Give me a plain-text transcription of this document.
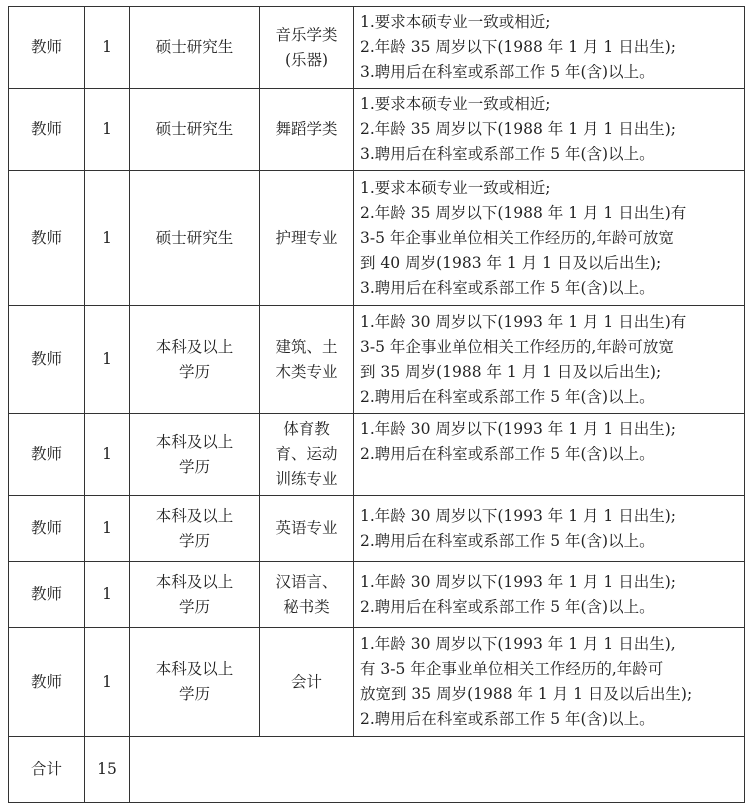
教师	1	硕士研究生	音乐学类
(乐器)	1.要求本硕专业一致或相近;
2.年龄 35 周岁以下(1988 年 1 月 1 日出生);
3.聘用后在科室或系部工作 5 年(含)以上。

教师	1	硕士研究生	舞蹈学类	1.要求本硕专业一致或相近;
2.年龄 35 周岁以下(1988 年 1 月 1 日出生);
3.聘用后在科室或系部工作 5 年(含)以上。

教师	1	硕士研究生	护理专业	1.要求本硕专业一致或相近;
2.年龄 35 周岁以下(1988 年 1 月 1 日出生)有
3-5 年企事业单位相关工作经历的,年龄可放宽
到 40 周岁(1983 年 1 月 1 日及以后出生);
3.聘用后在科室或系部工作 5 年(含)以上。

教师	1	本科及以上
学历	建筑、土
木类专业	1.年龄 30 周岁以下(1993 年 1 月 1 日出生)有
3-5 年企事业单位相关工作经历的,年龄可放宽
到 35 周岁(1988 年 1 月 1 日及以后出生);
2.聘用后在科室或系部工作 5 年(含)以上。

教师	1	本科及以上
学历	体育教
育、运动
训练专业	1.年龄 30 周岁以下(1993 年 1 月 1 日出生);
2.聘用后在科室或系部工作 5 年(含)以上。

教师	1	本科及以上
学历	英语专业	1.年龄 30 周岁以下(1993 年 1 月 1 日出生);
2.聘用后在科室或系部工作 5 年(含)以上。

教师	1	本科及以上
学历	汉语言、
秘书类	1.年龄 30 周岁以下(1993 年 1 月 1 日出生);
2.聘用后在科室或系部工作 5 年(含)以上。

教师	1	本科及以上
学历	会计	1.年龄 30 周岁以下(1993 年 1 月 1 日出生),
有 3-5 年企事业单位相关工作经历的,年龄可
放宽到 35 周岁(1988 年 1 月 1 日及以后出生);
2.聘用后在科室或系部工作 5 年(含)以上。

合计	15			
